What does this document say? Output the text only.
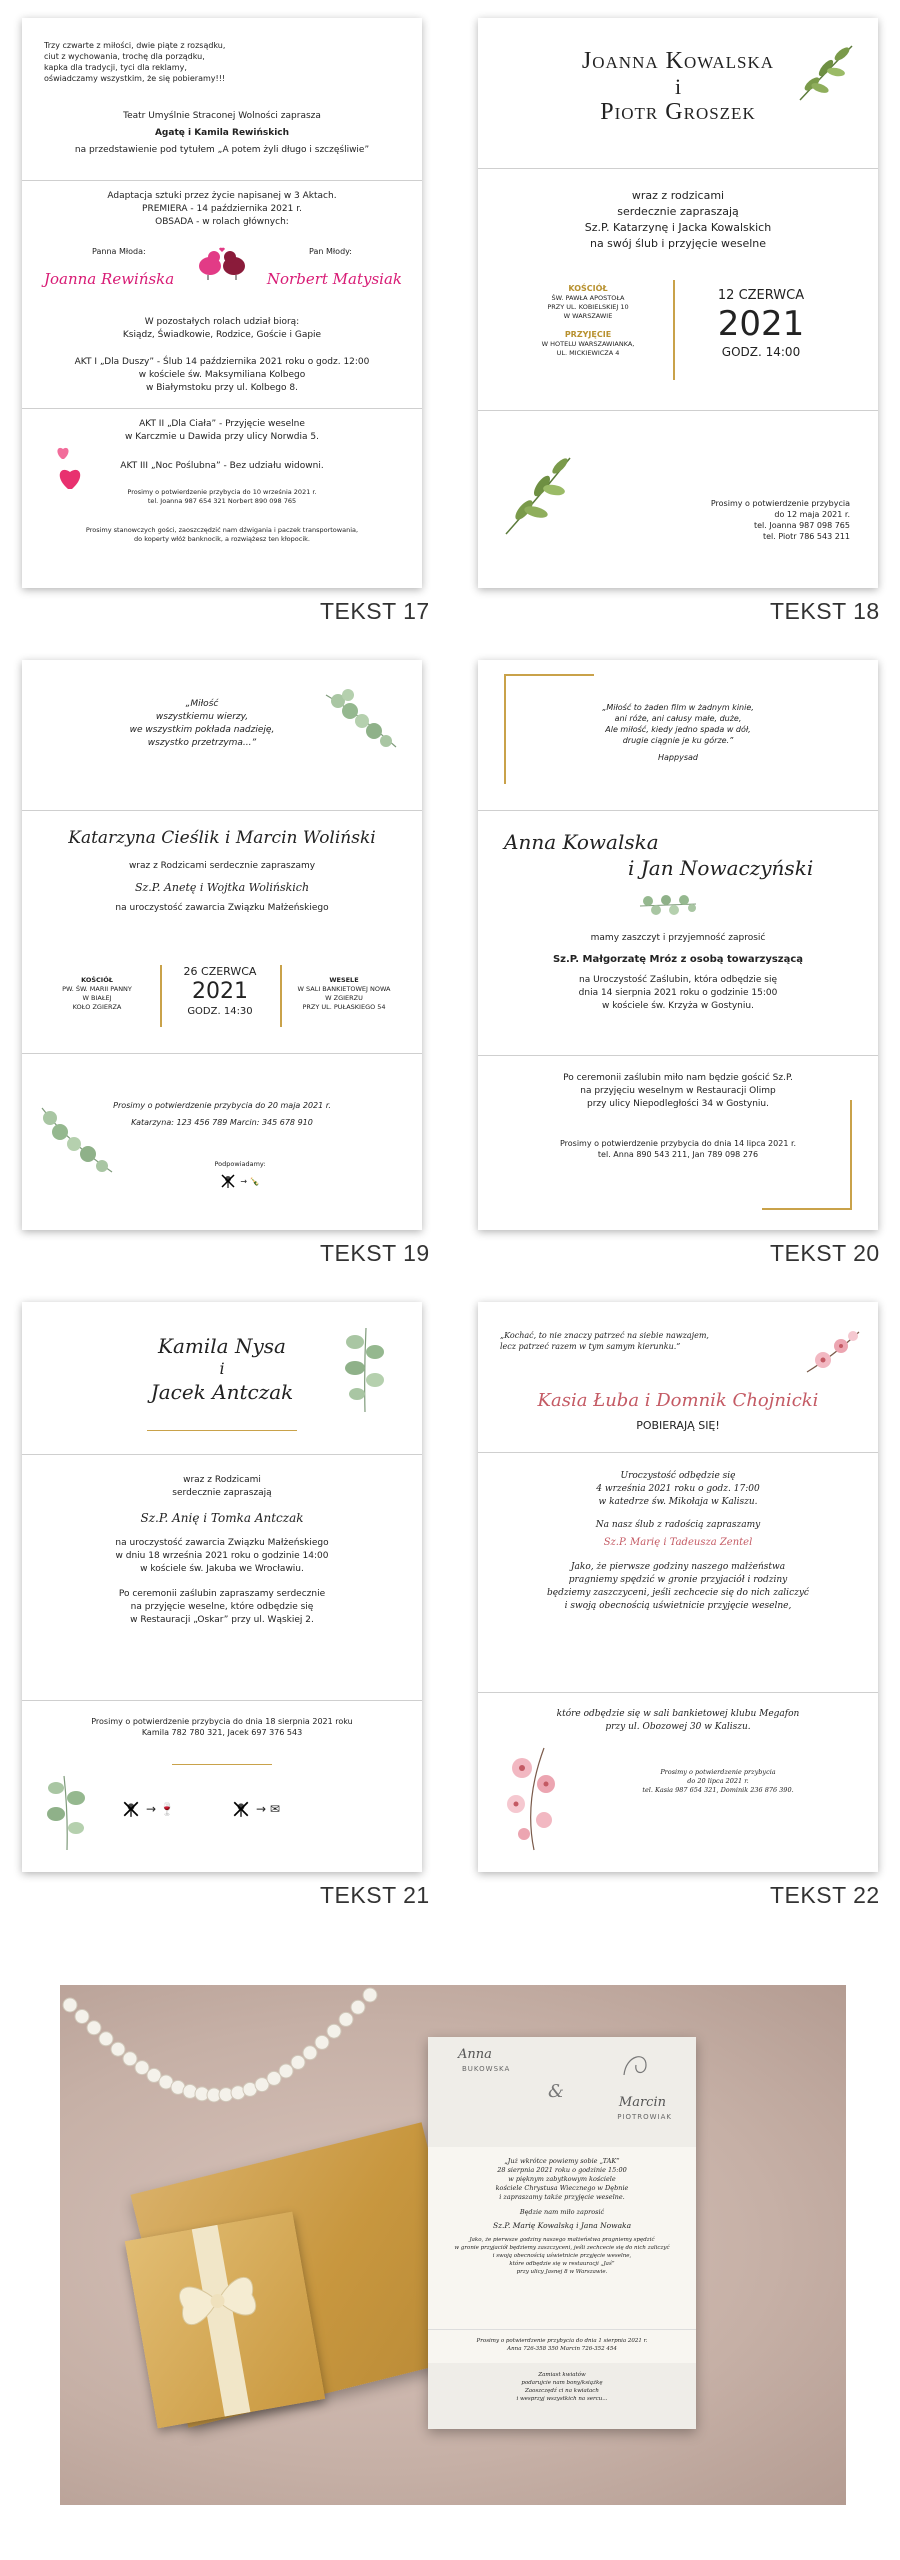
Trzy czwarte z miłości, dwie piąte z rozsądku,

ciut z wychowania, trochę dla porządku,

kapka dla tradycji, tyci dla reklamy,

oświadczamy wszystkim, że się pobieramy!!!

Teatr Umyślnie Straconej Wolności zaprasza

Agatę i Kamila Rewińskich

na przedstawienie pod tytułem „A potem żyli długo i szczęśliwie”

Adaptacja sztuki przez życie napisanej w 3 Aktach.

PREMIERA - 14 października 2021 r.

OBSADA - w rolach głównych:

Panna Młoda:	Pan Młody:
Joanna Rewińska	Norbert Matysiak

W pozostałych rolach udział biorą:

Ksiądz, Świadkowie, Rodzice, Goście i Gapie

AKT I „Dla Duszy” - Ślub 14 października 2021 roku o godz. 12:00

w kościele św. Maksymiliana Kolbego

w Białymstoku przy ul. Kolbego 8.

AKT II „Dla Ciała” - Przyjęcie weselne

w Karczmie u Dawida przy ulicy Norwdia 5.

AKT III „Noc Poślubna” - Bez udziału widowni.

Prosimy o potwierdzenie przybycia do 10 września 2021 r.

tel. Joanna 987 654 321 Norbert 890 098 765

Prosimy stanowczych gości, zaoszczędzić nam dźwigania i paczek transportowania,

do koperty włóż banknocik, a rozwiążesz ten kłopocik.

TEKST 17
Joanna Kowalska
i
Piotr Groszek

wraz z rodzicami

serdecznie zapraszają

Sz.P. Katarzynę i Jacka Kowalskich

na swój ślub i przyjęcie weselne

KOŚCIÓŁ

ŚW. PAWŁA APOSTOŁA

PRZY UL. KOBIELSKIEJ 10

W WARSZAWIE

PRZYJĘCIE

W HOTELU WARSZAWIANKA,

UL. MICKIEWICZA 4

12 CZERWCA
2021
GODZ. 14:00

Prosimy o potwierdzenie przybycia

do 12 maja 2021 r.

tel. Joanna 987 098 765

tel. Piotr 786 543 211

TEKST 18

„Miłość

wszystkiemu wierzy,

we wszystkim pokłada nadzieję,

wszystko przetrzyma...”

Katarzyna Cieślik i Marcin Woliński

wraz z Rodzicami serdecznie zapraszamy

Sz.P. Anetę i Wojtka Wolińskich

na uroczystość zawarcia Związku Małżeńskiego

KOŚCIÓŁ

PW. ŚW. MARII PANNY

W BIAŁEJ

KOŁO ZGIERZA

26 CZERWCA
2021
GODZ. 14:30

WESELE

W SALI BANKIETOWEJ NOWA

W ZGIERZU

PRZY UL. PUŁASKIEGO 54

Prosimy o potwierdzenie przybycia do 20 maja 2021 r.

Katarzyna: 123 456 789 Marcin: 345 678 910

Podpowiadamy:

→ 🍾
TEKST 19

„Miłość to żaden film w żadnym kinie,

ani róże, ani całusy małe, duże,

Ale miłość, kiedy jedno spada w dół,

drugie ciągnie je ku górze.”

Happysad

Anna Kowalska
i Jan Nowaczyński

mamy zaszczyt i przyjemność zaprosić

Sz.P. Małgorzatę Mróz z osobą towarzyszącą

na Uroczystość Zaślubin, która odbędzie się

dnia 14 sierpnia 2021 roku o godzinie 15:00

w kościele św. Krzyża w Gostyniu.

Po ceremonii zaślubin miło nam będzie gościć Sz.P.

na przyjęciu weselnym w Restauracji Olimp

przy ulicy Niepodległości 34 w Gostyniu.

Prosimy o potwierdzenie przybycia do dnia 14 lipca 2021 r.

tel. Anna 890 543 211, Jan 789 098 276

TEKST 20
Kamila Nysa
i
Jacek Antczak

wraz z Rodzicami

serdecznie zapraszają

Sz.P. Anię i Tomka Antczak

na uroczystość zawarcia Związku Małżeńskiego

w dniu 18 września 2021 roku o godzinie 14:00

w kościele św. Jakuba we Wrocławiu.

Po ceremonii zaślubin zapraszamy serdecznie

na przyjęcie weselne, które odbędzie się

w Restauracji „Oskar” przy ul. Wąskiej 2.

Prosimy o potwierdzenie przybycia do dnia 18 sierpnia 2021 roku

Kamila 782 780 321, Jacek 697 376 543

→ 🍷	→ ✉
TEKST 21

„Kochać, to nie znaczy patrzeć na siebie nawzajem,

lecz patrzeć razem w tym samym kierunku.”

Kasia Łuba i Domnik Chojnicki
POBIERAJĄ SIĘ!

Uroczystość odbędzie się

4 września 2021 roku o godz. 17:00

w katedrze św. Mikołaja w Kaliszu.

Na nasz ślub z radością zapraszamy

Sz.P. Marię i Tadeusza Zentel

Jako, że pierwsze godziny naszego małżeństwa

pragniemy spędzić w gronie przyjaciół i rodziny

będziemy zaszczyceni, jeśli zechcecie się do nich zaliczyć

i swoją obecnością uświetnicie przyjęcie weselne,

które odbędzie się w sali bankietowej klubu Megafon

przy ul. Obozowej 30 w Kaliszu.

Prosimy o potwierdzenie przybycia

do 20 lipca 2021 r.

tel. Kasia 987 654 321, Dominik 236 876 390.

TEKST 22
Anna
BUKOWSKA
&
Marcin
PIOTROWIAK

„Już wkrótce powiemy sobie „TAK”

28 sierpnia 2021 roku o godzinie 15:00

w pięknym zabytkowym kościele

kościele Chrystusa Wiecznego w Dębnie

i zapraszamy także przyjęcie weselne.

Będzie nam miło zaprosić

Sz.P. Marię Kowalską i Jana Nowaka

Jako, że pierwsze godziny naszego małżeństwa pragniemy spędzić

w gronie przyjaciół będziemy zaszczyceni, jeśli zechcecie się do nich zaliczyć

i swoją obecnością uświetnicie przyjęcie weselne,

które odbędzie się w restauracji „Jaś”

przy ulicy Jasnej 8 w Warszawie.

Prosimy o potwierdzenie przybycia do dnia 1 sierpnia 2021 r.

Anna 726-358 350 Marcin 726-352 454

Zamiast kwiatów

podarujcie nam bony/książkę

Zaoszczędź ci na kwiatach

i wesprzyj wszystkich na sercu...
